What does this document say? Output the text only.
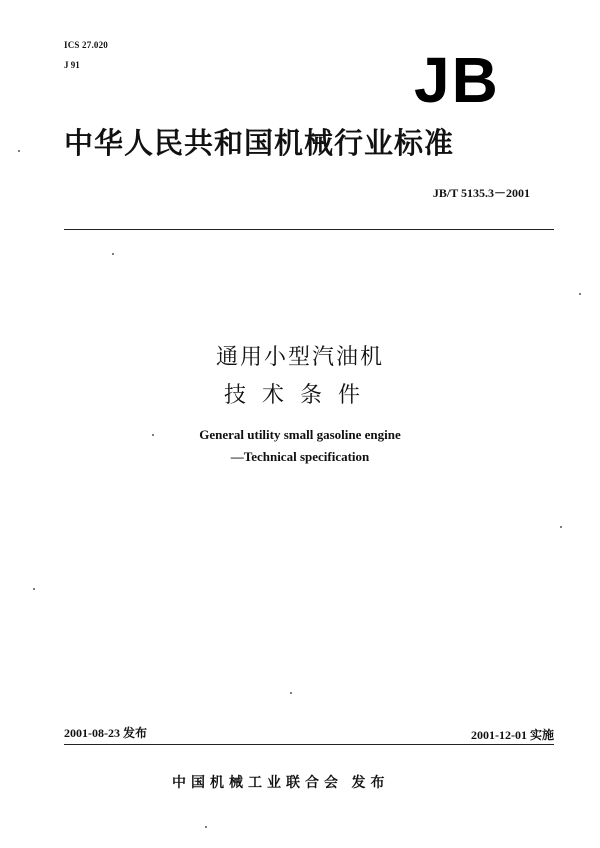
ICS 27.020
J 91	JB
中华人民共和国机械行业标准
JB/T 5135.3－2001
通用小型汽油机
技术条件
General utility small gasoline engine
—Technical specification
2001-08-23 发布	2001-12-01 实施
中国机械工业联合会 发布
